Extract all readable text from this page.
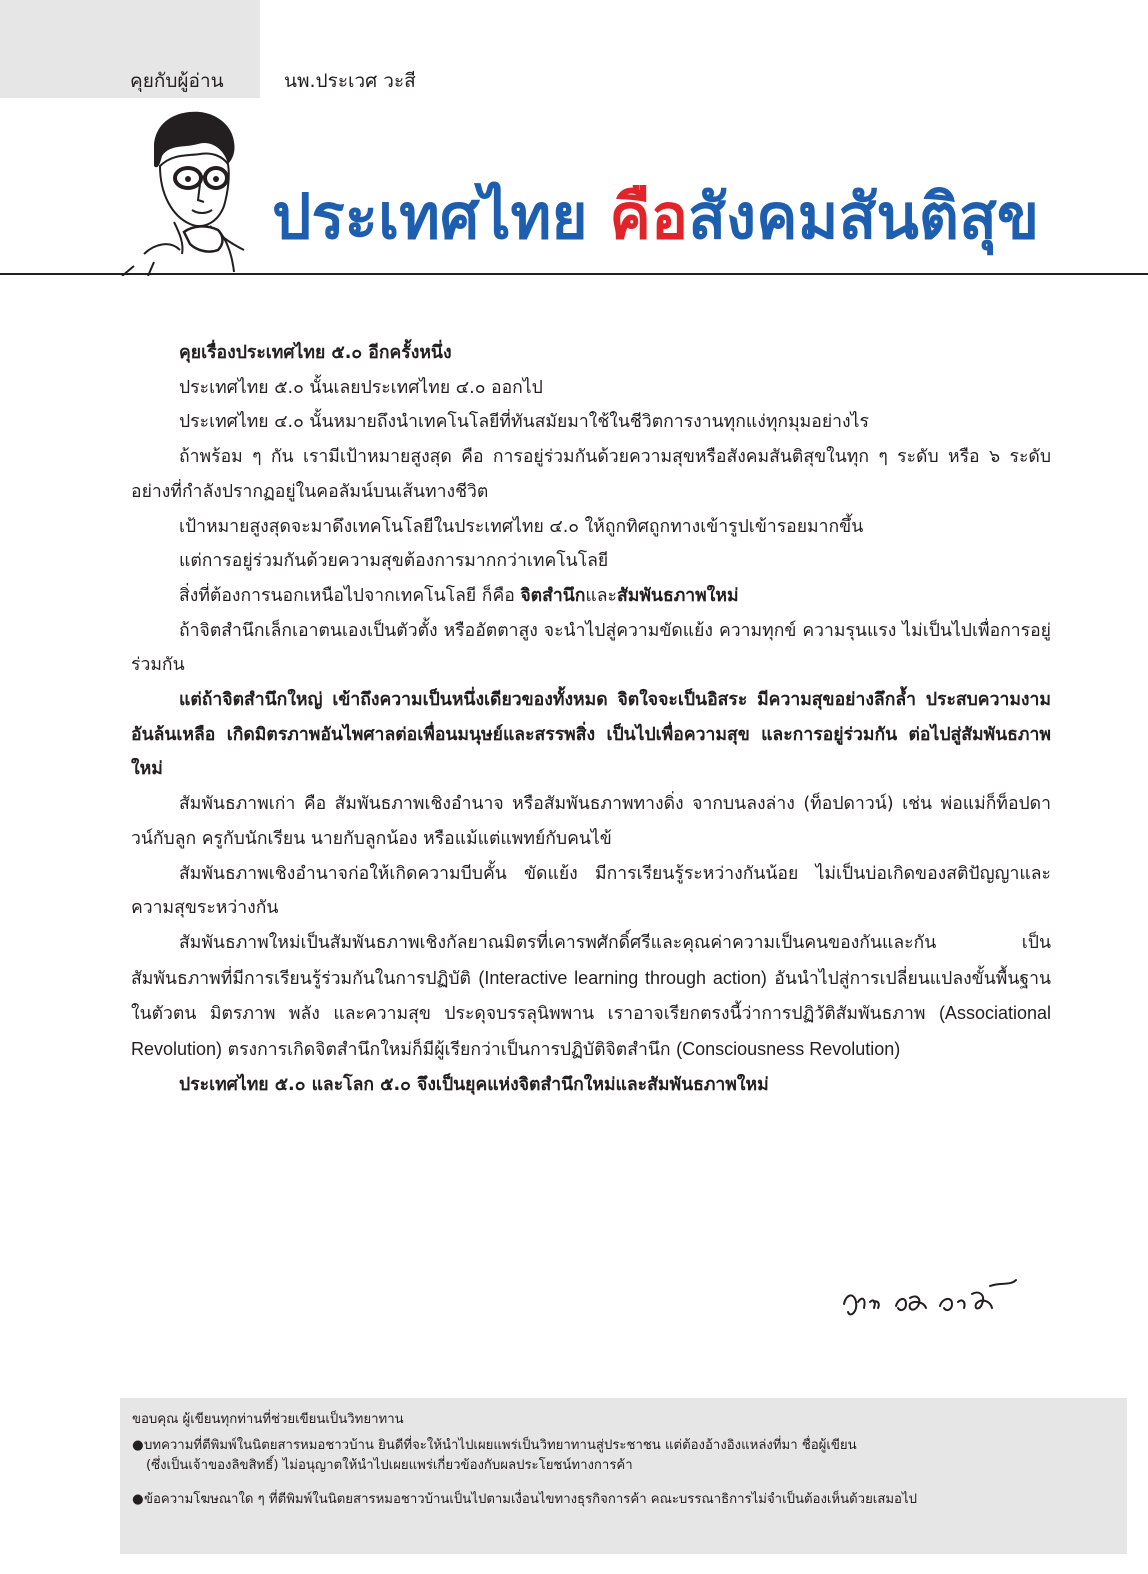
คุยกับผู้อ่าน	นพ.ประเวศ วะสี
ประเทศไทย คือสังคมสันติสุข

คุยเรื่องประเทศไทย ๕.๐ อีกครั้งหนึ่ง

ประเทศไทย ๕.๐ นั้นเลยประเทศไทย ๔.๐ ออกไป

ประเทศไทย ๔.๐ นั้นหมายถึงนำเทคโนโลยีที่ทันสมัยมาใช้ในชีวิตการงานทุกแง่ทุกมุมอย่างไร

ถ้าพร้อม ๆ กัน เรามีเป้าหมายสูงสุด คือ การอยู่ร่วมกันด้วยความสุขหรือสังคมสันติสุขในทุก ๆ ระดับ หรือ ๖ ระดับอย่างที่กำลังปรากฏอยู่ในคอลัมน์บนเส้นทางชีวิต

เป้าหมายสูงสุดจะมาดึงเทคโนโลยีในประเทศไทย ๔.๐ ให้ถูกทิศถูกทางเข้ารูปเข้ารอยมากขึ้น

แต่การอยู่ร่วมกันด้วยความสุขต้องการมากกว่าเทคโนโลยี

สิ่งที่ต้องการนอกเหนือไปจากเทคโนโลยี ก็คือ จิตสำนึกและสัมพันธภาพใหม่

ถ้าจิตสำนึกเล็กเอาตนเองเป็นตัวตั้ง หรืออัตตาสูง จะนำไปสู่ความขัดแย้ง ความทุกข์ ความรุนแรง ไม่เป็นไปเพื่อการอยู่ร่วมกัน

แต่ถ้าจิตสำนึกใหญ่ เข้าถึงความเป็นหนึ่งเดียวของทั้งหมด จิตใจจะเป็นอิสระ มีความสุขอย่างลึกล้ำ ประสบความงามอันล้นเหลือ เกิดมิตรภาพอันไพศาลต่อเพื่อนมนุษย์และสรรพสิ่ง เป็นไปเพื่อความสุข และการอยู่ร่วมกัน ต่อไปสู่สัมพันธภาพใหม่

สัมพันธภาพเก่า คือ สัมพันธภาพเชิงอำนาจ หรือสัมพันธภาพทางดิ่ง จากบนลงล่าง (ท็อปดาวน์) เช่น พ่อแม่ก็ท็อปดาวน์กับลูก ครูกับนักเรียน นายกับลูกน้อง หรือแม้แต่แพทย์กับคนไข้

สัมพันธภาพเชิงอำนาจก่อให้เกิดความบีบคั้น ขัดแย้ง มีการเรียนรู้ระหว่างกันน้อย ไม่เป็นบ่อเกิดของสติปัญญาและความสุขระหว่างกัน

สัมพันธภาพใหม่เป็นสัมพันธภาพเชิงกัลยาณมิตรที่เคารพศักดิ์ศรีและคุณค่าความเป็นคนของกันและกัน เป็นสัมพันธภาพที่มีการเรียนรู้ร่วมกันในการปฏิบัติ (Interactive learning through action) อันนำไปสู่การเปลี่ยนแปลงขั้นพื้นฐานในตัวตน มิตรภาพ พลัง และความสุข ประดุจบรรลุนิพพาน เราอาจเรียกตรงนี้ว่าการปฏิวัติสัมพันธภาพ (Associational Revolution) ตรงการเกิดจิตสำนึกใหม่ก็มีผู้เรียกว่าเป็นการปฏิบัติจิตสำนึก (Consciousness Revolution)

ประเทศไทย ๕.๐ และโลก ๕.๐ จึงเป็นยุคแห่งจิตสำนึกใหม่และสัมพันธภาพใหม่

ขอบคุณ ผู้เขียนทุกท่านที่ช่วยเขียนเป็นวิทยาทาน
●บทความที่ตีพิมพ์ในนิตยสารหมอชาวบ้าน ยินดีที่จะให้นำไปเผยแพร่เป็นวิทยาทานสู่ประชาชน แต่ต้องอ้างอิงแหล่งที่มา ชื่อผู้เขียน
(ซึ่งเป็นเจ้าของลิขสิทธิ์) ไม่อนุญาตให้นำไปเผยแพร่เกี่ยวข้องกับผลประโยชน์ทางการค้า
●ข้อความโฆษณาใด ๆ ที่ตีพิมพ์ในนิตยสารหมอชาวบ้านเป็นไปตามเงื่อนไขทางธุรกิจการค้า คณะบรรณาธิการไม่จำเป็นต้องเห็นด้วยเสมอไป
